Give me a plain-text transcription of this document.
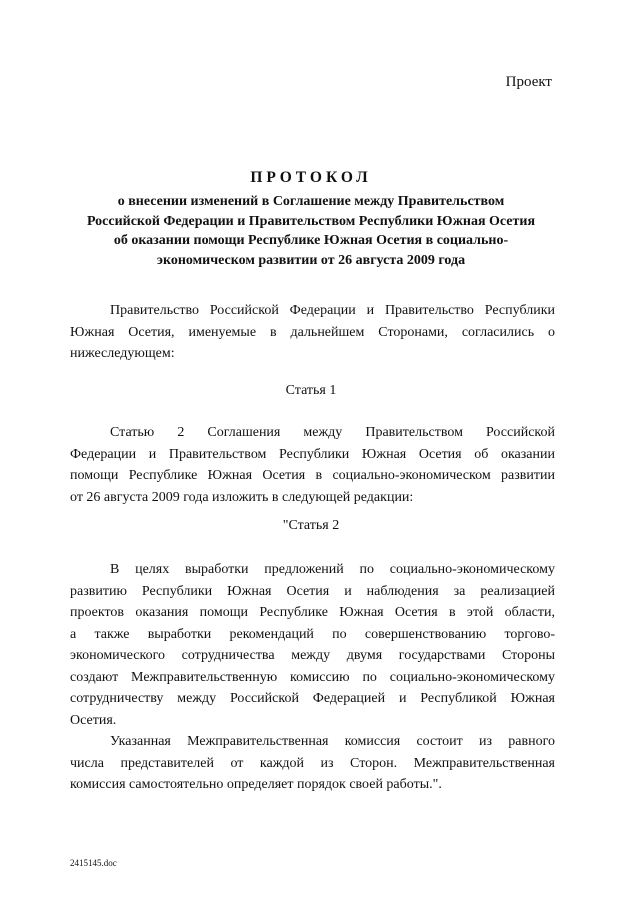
Проект
ПРОТОКОЛ
о внесении изменений в Соглашение между Правительством
Российской Федерации и Правительством Республики Южная Осетия
об оказании помощи Республике Южная Осетия в социально-
экономическом развитии от 26 августа 2009 года
Правительство Российской Федерации и Правительство Республики
Южная Осетия, именуемые в дальнейшем Сторонами, согласились о
нижеследующем:
Статья 1
Статью 2 Соглашения между Правительством Российской
Федерации и Правительством Республики Южная Осетия об оказании
помощи Республике Южная Осетия в социально-экономическом развитии
от 26 августа 2009 года изложить в следующей редакции:
"Статья 2
В целях выработки предложений по социально-экономическому
развитию Республики Южная Осетия и наблюдения за реализацией
проектов оказания помощи Республике Южная Осетия в этой области,
а также выработки рекомендаций по совершенствованию торгово-
экономического сотрудничества между двумя государствами Стороны
создают Межправительственную комиссию по социально-экономическому
сотрудничеству между Российской Федерацией и Республикой Южная
Осетия.
Указанная Межправительственная комиссия состоит из равного
числа представителей от каждой из Сторон. Межправительственная
комиссия самостоятельно определяет порядок своей работы.".
2415145.doc
